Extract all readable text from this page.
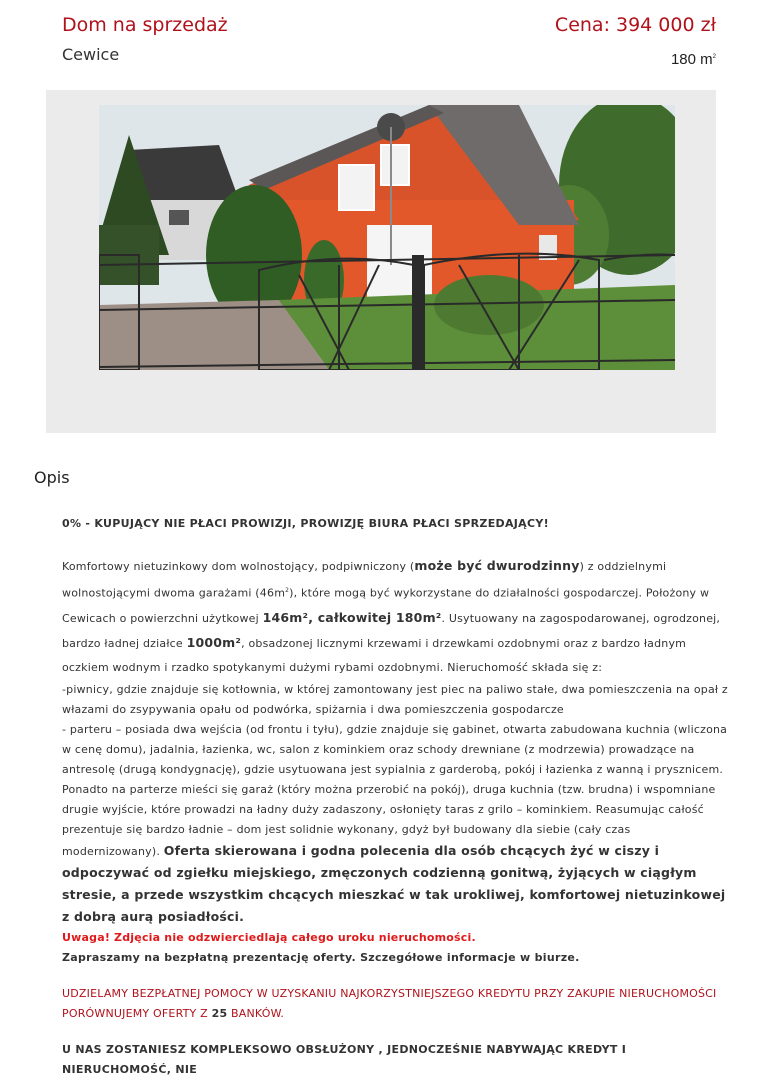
Dom na sprzedaż
Cewice
Cena: 394 000 zł
180 $m^2$
Opis

0% - KUPUJĄCY NIE PŁACI PROWIZJI, PROWIZJĘ BIURA PŁACI SPRZEDAJĄCY!

Komfortowy nietuzinkowy dom wolnostojący, podpiwniczony (może być dwurodzinny) z oddzielnymi wolnostojącymi dwoma garażami $(46m^2)$, które mogą być wykorzystane do działalności gospodarczej. Położony w Cewicach o powierzchni użytkowej 146m², całkowitej 180m². Usytuowany na zagospodarowanej, ogrodzonej, bardzo ładnej działce 1000m², obsadzonej licznymi krzewami i drzewkami ozdobnymi oraz z bardzo ładnym oczkiem wodnym i rzadko spotykanymi dużymi rybami ozdobnymi. Nieruchomość składa się z:

-piwnicy, gdzie znajduje się kotłownia, w której zamontowany jest piec na paliwo stałe, dwa pomieszczenia na opał z włazami do zsypywania opału od podwórka, spiżarnia i dwa pomieszczenia gospodarcze

- parteru – posiada dwa wejścia (od frontu i tyłu), gdzie znajduje się gabinet, otwarta zabudowana kuchnia (wliczona w cenę domu), jadalnia, łazienka, wc, salon z kominkiem oraz schody drewniane (z modrzewia) prowadzące na antresolę (drugą kondygnację), gdzie usytuowana jest sypialnia z garderobą, pokój i łazienka z wanną i prysznicem. Ponadto na parterze mieści się garaż (który można przerobić na pokój), druga kuchnia (tzw. brudna) i wspomniane drugie wyjście, które prowadzi na ładny duży zadaszony, osłonięty taras z grilo – kominkiem. Reasumując całość prezentuje się bardzo ładnie – dom jest solidnie wykonany, gdyż był budowany dla siebie (cały czas modernizowany). Oferta skierowana i godna polecenia dla osób chcących żyć w ciszy i odpoczywać od zgiełku miejskiego, zmęczonych codzienną gonitwą, żyjących w ciągłym stresie, a przede wszystkim chcących mieszkać w tak urokliwej, komfortowej nietuzinkowej z dobrą aurą posiadłości.

Uwaga! Zdjęcia nie odzwierciedlają całego uroku nieruchomości.

Zapraszamy na bezpłatną prezentację oferty. Szczegółowe informacje w biurze.

UDZIELAMY BEZPŁATNEJ POMOCY W UZYSKANIU NAJKORZYSTNIEJSZEGO KREDYTU PRZY ZAKUPIE NIERUCHOMOŚCI PORÓWNUJEMY OFERTY Z 25 BANKÓW.

U NAS ZOSTANIESZ KOMPLEKSOWO OBSŁUŻONY , JEDNOCZEŚNIE NABYWAJĄC KREDYT I NIERUCHOMOŚĆ, NIE
